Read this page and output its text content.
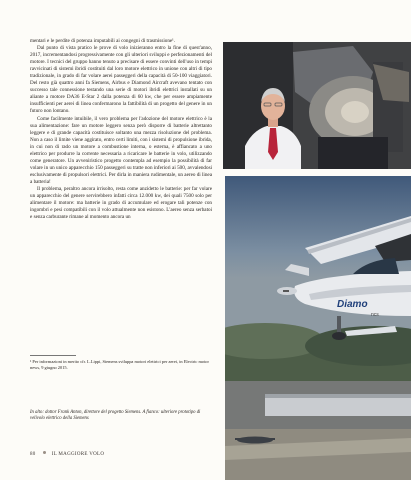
mentari e le perdite di potenza imputabili ai congegni di trasmissione¹.

Dal punto di vista pratico le prove di volo inizieranno entro la fine di quest'anno, 2017, incrementandosi progressivamente con gli ulteriori sviluppi e perfezionamenti del motore. I tecnici del gruppo hanno tenuto a precisare di essere convinti dell'uso in tempi ravvicinati di sistemi ibridi costituiti dal loro motore elettrico in unione con altri di tipo tradizionale, in grado di far volare aerei passeggeri della capacità di 50-100 viaggiatori. Del resto già quattro anni fa Siemens, Airbus e Diamond Aircraft avevano tentato con successo tale connessione testando una serie di motori ibridi elettrici installati su un aliante a motore DA36 E-Star 2 dalla potenza di 60 kw, che per essere ampiamente insufficienti per aerei di linea confermarono la fattibilità di un progetto del genere in un futuro non lontano.

Come facilmente intuibile, il vero problema per l'adozione del motore elettrico è la sua alimentazione: fare un motore leggero senza però disporre di batterie altrettanto leggere e di grande capacità costituisce soltanto una mezza risoluzione del problema. Non a caso il limite viene aggirato, entro certi limiti, con i sistemi di propulsione ibrida, in cui non di rado un motore a combustione interna, o esterna, è affiancato a uno elettrico per produrre la corrente necessaria a ricaricare le batterie in volo, utilizzando come generatore. Un avveniristico progetto contempla ad esempio la possibilità di far volare in un unico apparecchio 150 passeggeri su tratte non inferiori ai 500, avvalendosi esclusivamente di propulsori elettrici. Per dirla in maniera rudimentale, un aereo di linea a batteria!

Il problema, peraltro ancora irrisolto, resta come anzidetto le batterie: per far volare un apparecchio del genere servirebbero infatti circa 12.000 kw, dei quali 7500 solo per alimentare il motore: ma batterie in grado di accumulare ed erogare tali potenze con ingombri e pesi compatibili con il volo attualmente non esistono. L'aereo senza serbatoi e senza carburante rimane al momento ancora un

¹ Per informazioni in merito cfr. L.Lippi, Siemens sviluppa motori elettrici per aerei, in Electric motor news, 9 giugno 2015.
In alto: dottor Frank Anton, direttore del progetto Siemens. A fianco: ulteriore prototipo di velivolo elettrico della Siemens
80	IL MAGGIORE VOLO
Diamo
ncs
